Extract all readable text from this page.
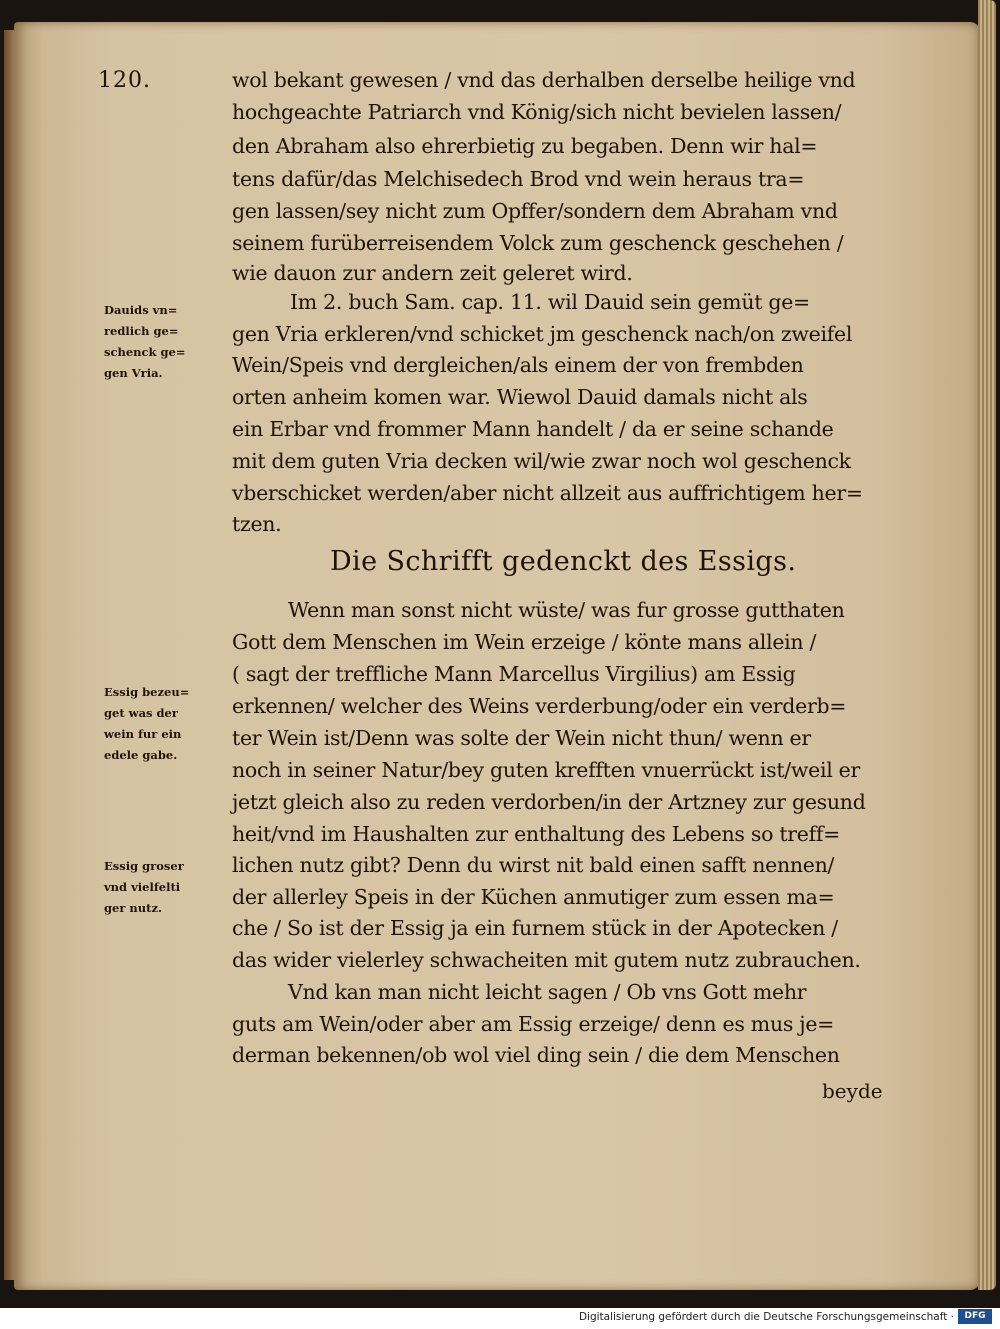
120.	wol bekant gewesen / vnd das derhalben derselbe heilige vnd
hochgeachte Patriarch vnd König/sich nicht bevielen lassen/
den Abraham also ehrerbietig zu begaben. Denn wir hal=
tens dafür/das Melchisedech Brod vnd wein heraus tra=
gen lassen/sey nicht zum Opffer/sondern dem Abraham vnd
seinem furüberreisendem Volck zum geschenck geschehen /
wie dauon zur andern zeit geleret wird.
Im 2. buch Sam. cap. 11. wil Dauid sein gemüt ge=
gen Vria erkleren/vnd schicket jm geschenck nach/on zweifel
Wein/Speis vnd dergleichen/als einem der von frembden
orten anheim komen war. Wiewol Dauid damals nicht als
ein Erbar vnd frommer Mann handelt / da er seine schande
mit dem guten Vria decken wil/wie zwar noch wol geschenck
vberschicket werden/aber nicht allzeit aus auffrichtigem her=
tzen.
Die Schrifft gedenckt des Essigs.
Wenn man sonst nicht wüste/ was fur grosse gutthaten
Gott dem Menschen im Wein erzeige / könte mans allein /
( sagt der treffliche Mann Marcellus Virgilius) am Essig
erkennen/ welcher des Weins verderbung/oder ein verderb=
ter Wein ist/Denn was solte der Wein nicht thun/ wenn er
noch in seiner Natur/bey guten krefften vnuerrückt ist/weil er
jetzt gleich also zu reden verdorben/in der Artzney zur gesund
heit/vnd im Haushalten zur enthaltung des Lebens so treff=
lichen nutz gibt? Denn du wirst nit bald einen safft nennen/
der allerley Speis in der Küchen anmutiger zum essen ma=
che / So ist der Essig ja ein furnem stück in der Apotecken /
das wider vielerley schwacheiten mit gutem nutz zubrauchen.
Vnd kan man nicht leicht sagen / Ob vns Gott mehr
guts am Wein/oder aber am Essig erzeige/ denn es mus je=
derman bekennen/ob wol viel ding sein / die dem Menschen
beyde
Dauids vn=
redlich ge=
schenck ge=
gen Vria.
Essig bezeu=
get was der
wein fur ein
edele gabe.
Essig groser
vnd vielfelti
ger nutz.
Digitalisierung gefördert durch die Deutsche Forschungsgemeinschaft ·	DFG
